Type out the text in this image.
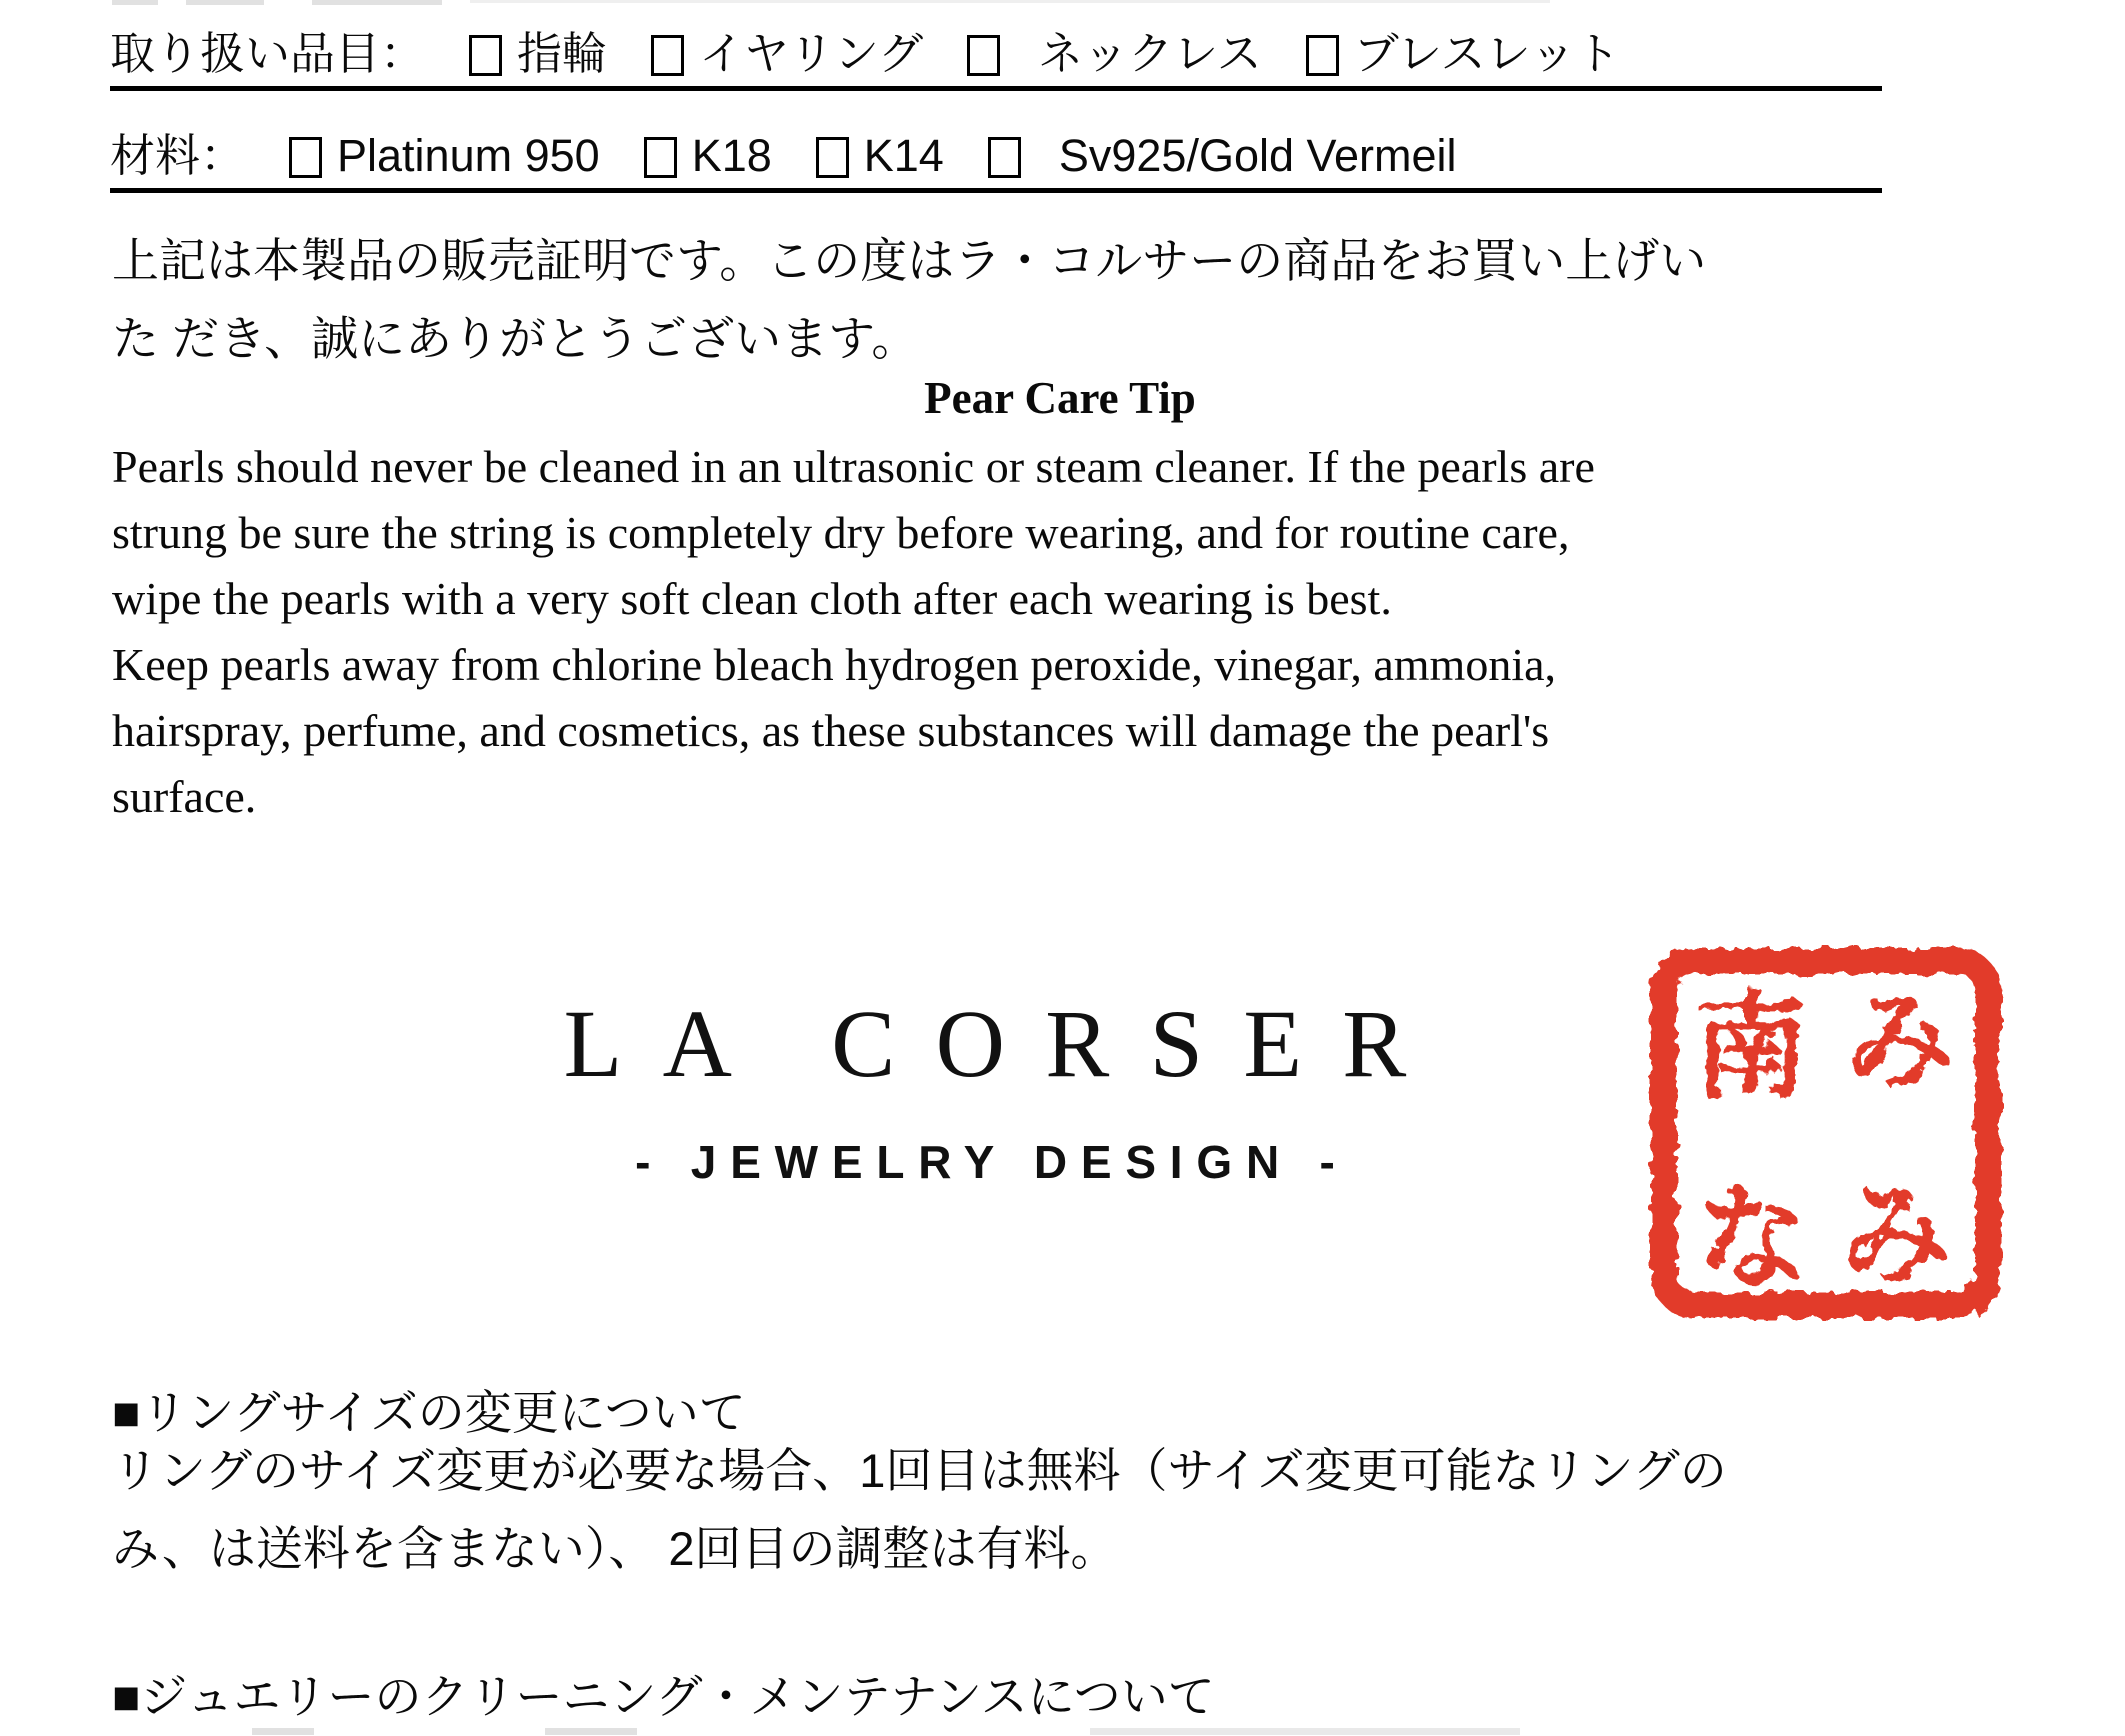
取り扱い品目： 指輪 イヤリング	ネックレス ブレスレット
材料： Platinum 950 K18 K14	Sv925/Gold Vermeil
上記は本製品の販売証明です。この度はラ・コルサーの商品をお買い上げい
た だき、誠にありがとうございます。
Pear Care Tip
Pearls should never be cleaned in an ultrasonic or steam cleaner. If the pearls are
strung be sure the string is completely dry before wearing, and for routine care,
wipe the pearls with a very soft clean cloth after each wearing is best.
Keep pearls away from chlorine bleach hydrogen peroxide, vinegar, ammonia,
hairspray, perfume, and cosmetics, as these substances will damage the pearl's
surface.
LA CORSER
- JEWELRY DESIGN -
南 み
な み
■リングサイズの変更について
リングのサイズ変更が必要な場合、1回目は無料（サイズ変更可能なリングの
み、は送料を含まない）、 2回目の調整は有料。
■ジュエリーのクリーニング・メンテナンスについて
